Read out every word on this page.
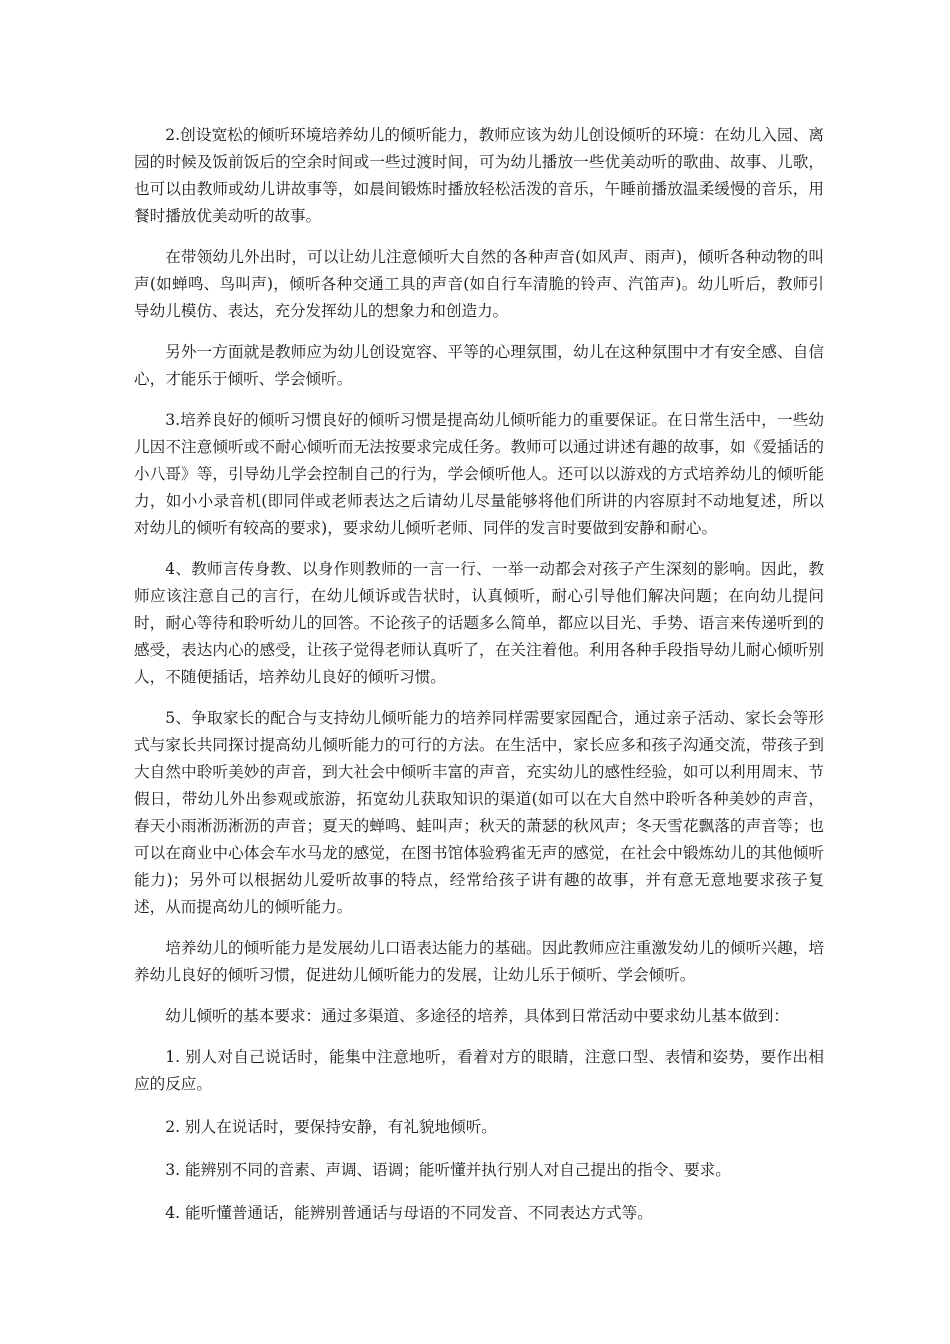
2.创设宽松的倾听环境培养幼儿的倾听能力，教师应该为幼儿创设倾听的环境：在幼儿入园、离园的时候及饭前饭后的空余时间或一些过渡时间，可为幼儿播放一些优美动听的歌曲、故事、儿歌，也可以由教师或幼儿讲故事等，如晨间锻炼时播放轻松活泼的音乐，午睡前播放温柔缓慢的音乐，用餐时播放优美动听的故事。

在带领幼儿外出时，可以让幼儿注意倾听大自然的各种声音(如风声、雨声)，倾听各种动物的叫声(如蝉鸣、鸟叫声)，倾听各种交通工具的声音(如自行车清脆的铃声、汽笛声)。幼儿听后，教师引导幼儿模仿、表达，充分发挥幼儿的想象力和创造力。

另外一方面就是教师应为幼儿创设宽容、平等的心理氛围，幼儿在这种氛围中才有安全感、自信心，才能乐于倾听、学会倾听。

3.培养良好的倾听习惯良好的倾听习惯是提高幼儿倾听能力的重要保证。在日常生活中，一些幼儿因不注意倾听或不耐心倾听而无法按要求完成任务。教师可以通过讲述有趣的故事，如《爱插话的小八哥》等，引导幼儿学会控制自己的行为，学会倾听他人。还可以以游戏的方式培养幼儿的倾听能力，如小小录音机(即同伴或老师表达之后请幼儿尽量能够将他们所讲的内容原封不动地复述，所以对幼儿的倾听有较高的要求)，要求幼儿倾听老师、同伴的发言时要做到安静和耐心。

4、教师言传身教、以身作则教师的一言一行、一举一动都会对孩子产生深刻的影响。因此，教师应该注意自己的言行，在幼儿倾诉或告状时，认真倾听，耐心引导他们解决问题；在向幼儿提问时，耐心等待和聆听幼儿的回答。不论孩子的话题多么简单，都应以目光、手势、语言来传递听到的感受，表达内心的感受，让孩子觉得老师认真听了，在关注着他。利用各种手段指导幼儿耐心倾听别人，不随便插话，培养幼儿良好的倾听习惯。

5、争取家长的配合与支持幼儿倾听能力的培养同样需要家园配合，通过亲子活动、家长会等形式与家长共同探讨提高幼儿倾听能力的可行的方法。在生活中，家长应多和孩子沟通交流，带孩子到大自然中聆听美妙的声音，到大社会中倾听丰富的声音，充实幼儿的感性经验，如可以利用周末、节假日，带幼儿外出参观或旅游，拓宽幼儿获取知识的渠道(如可以在大自然中聆听各种美妙的声音，春天小雨淅沥淅沥的声音；夏天的蝉鸣、蛙叫声；秋天的萧瑟的秋风声；冬天雪花飘落的声音等；也可以在商业中心体会车水马龙的感觉，在图书馆体验鸦雀无声的感觉，在社会中锻炼幼儿的其他倾听能力)；另外可以根据幼儿爱听故事的特点，经常给孩子讲有趣的故事，并有意无意地要求孩子复述，从而提高幼儿的倾听能力。

培养幼儿的倾听能力是发展幼儿口语表达能力的基础。因此教师应注重激发幼儿的倾听兴趣，培养幼儿良好的倾听习惯，促进幼儿倾听能力的发展，让幼儿乐于倾听、学会倾听。

幼儿倾听的基本要求：通过多渠道、多途径的培养，具体到日常活动中要求幼儿基本做到：

1. 别人对自己说话时，能集中注意地听，看着对方的眼睛，注意口型、表情和姿势，要作出相应的反应。

2. 别人在说话时，要保持安静，有礼貌地倾听。

3. 能辨别不同的音素、声调、语调；能听懂并执行别人对自己提出的指令、要求。

4. 能听懂普通话，能辨别普通话与母语的不同发音、不同表达方式等。
